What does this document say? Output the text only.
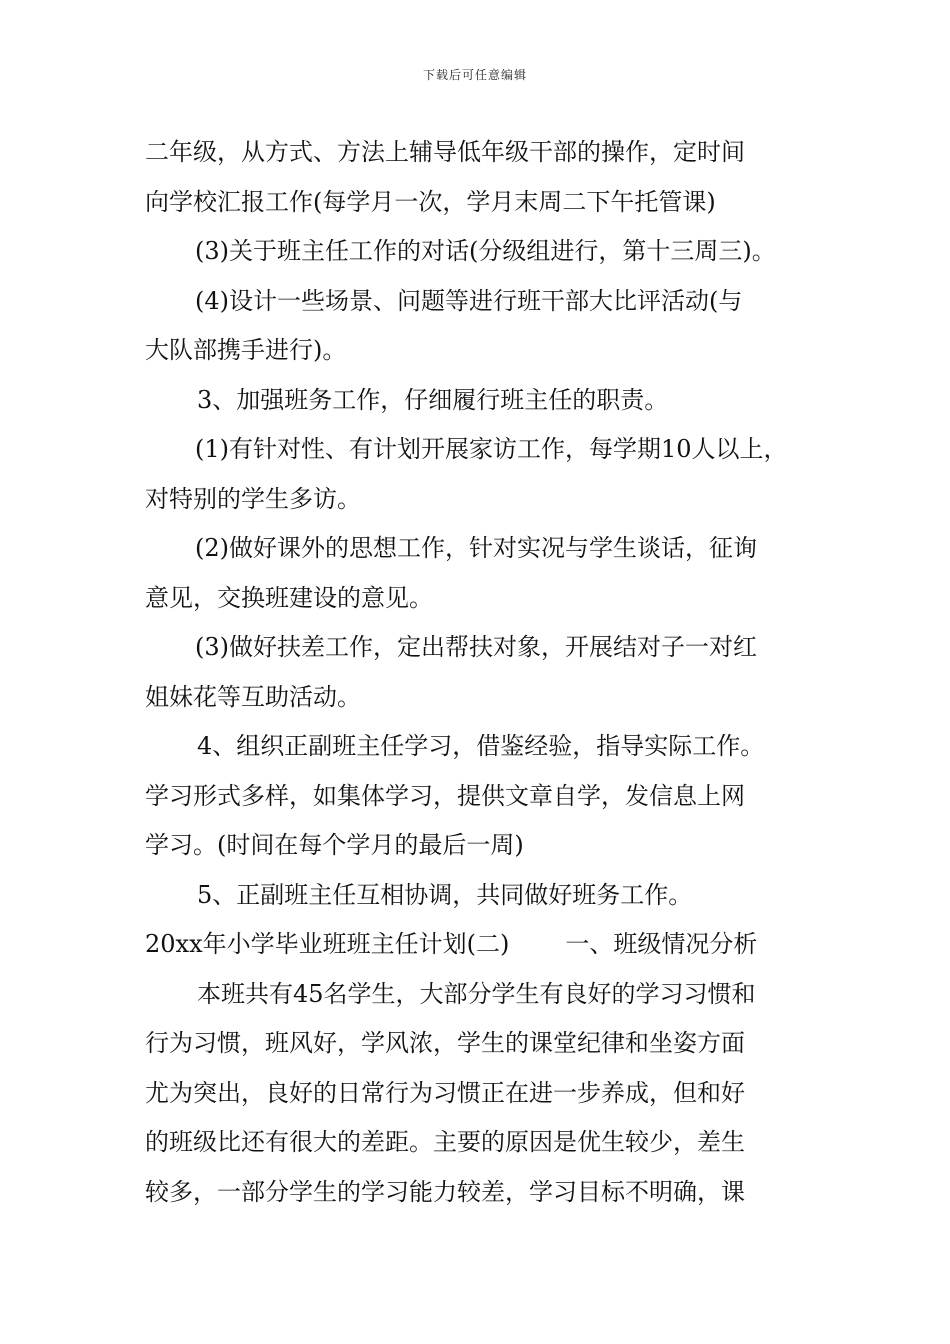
下载后可任意编辑
二年级，从方式、方法上辅导低年级干部的操作，定时间
向学校汇报工作(每学月一次，学月末周二下午托管课)
(3)关于班主任工作的对话(分级组进行，第十三周三)。
(4)设计一些场景、问题等进行班干部大比评活动(与
大队部携手进行)。
3、加强班务工作，仔细履行班主任的职责。
(1)有针对性、有计划开展家访工作，每学期10人以上，
对特别的学生多访。
(2)做好课外的思想工作，针对实况与学生谈话，征询
意见，交换班建设的意见。
(3)做好扶差工作，定出帮扶对象，开展结对子一对红
姐妹花等互助活动。
4、组织正副班主任学习，借鉴经验，指导实际工作。
学习形式多样，如集体学习，提供文章自学，发信息上网
学习。(时间在每个学月的最后一周)
5、正副班主任互相协调，共同做好班务工作。
20xx年小学毕业班班主任计划(二) 一、班级情况分析
本班共有45名学生，大部分学生有良好的学习习惯和
行为习惯，班风好，学风浓，学生的课堂纪律和坐姿方面
尤为突出，良好的日常行为习惯正在进一步养成，但和好
的班级比还有很大的差距。主要的原因是优生较少，差生
较多，一部分学生的学习能力较差，学习目标不明确，课
